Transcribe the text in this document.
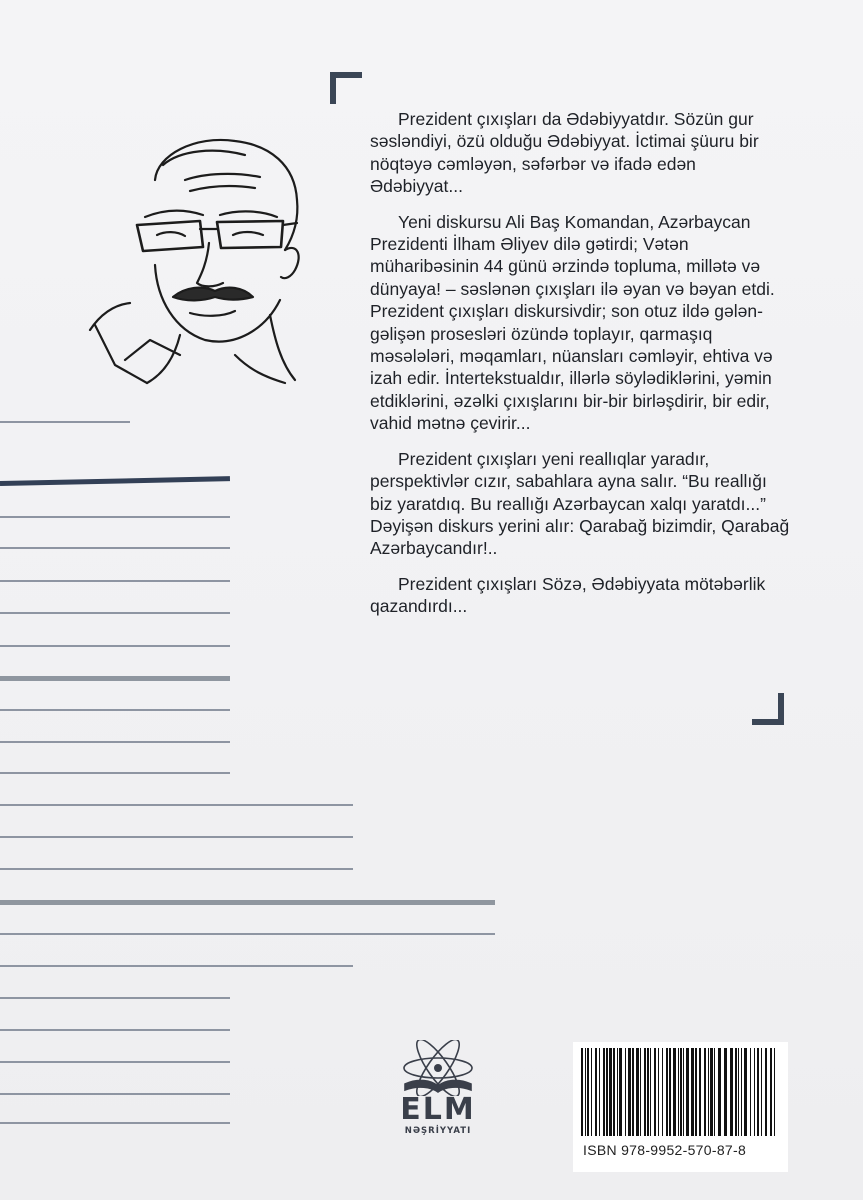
Prezident çıxışları da Ədəbiyyatdır. Sözün gur səsləndiyi, özü olduğu Ədəbiyyat. İctimai şüuru bir nöqtəyə cəmləyən, səfərbər və ifadə edən Ədəbiyyat...

Yeni diskursu Ali Baş Komandan, Azərbaycan Prezidenti İlham Əliyev dilə gətirdi; Vətən müharibəsinin 44 günü ərzində topluma, millətə və dünyaya! – səslənən çıxışları ilə əyan və bəyan etdi. Prezident çıxışları diskursivdir; son otuz ildə gələn-gəlişən prosesləri özündə toplayır, qarmaşıq məsələləri, məqamları, nüansları cəmləyir, ehtiva və izah edir. İntertekstualdır, illərlə söylədiklərini, yəmin etdiklərini, əzəlki çıxışlarını bir-bir birləşdirir, bir edir, vahid mətnə çevirir...

Prezident çıxışları yeni reallıqlar yaradır, perspektivlər cızır, sabahlara ayna salır. “Bu reallığı biz yaratdıq. Bu reallığı Azərbaycan xalqı yaratdı...” Dəyişən diskurs yerini alır: Qarabağ bizimdir, Qarabağ Azərbaycandır!..

Prezident çıxışları Sözə, Ədəbiyyata mötəbərlik qazandırdı...

ELM
NƏŞRİYYATI
ISBN 978-9952-570-87-8
